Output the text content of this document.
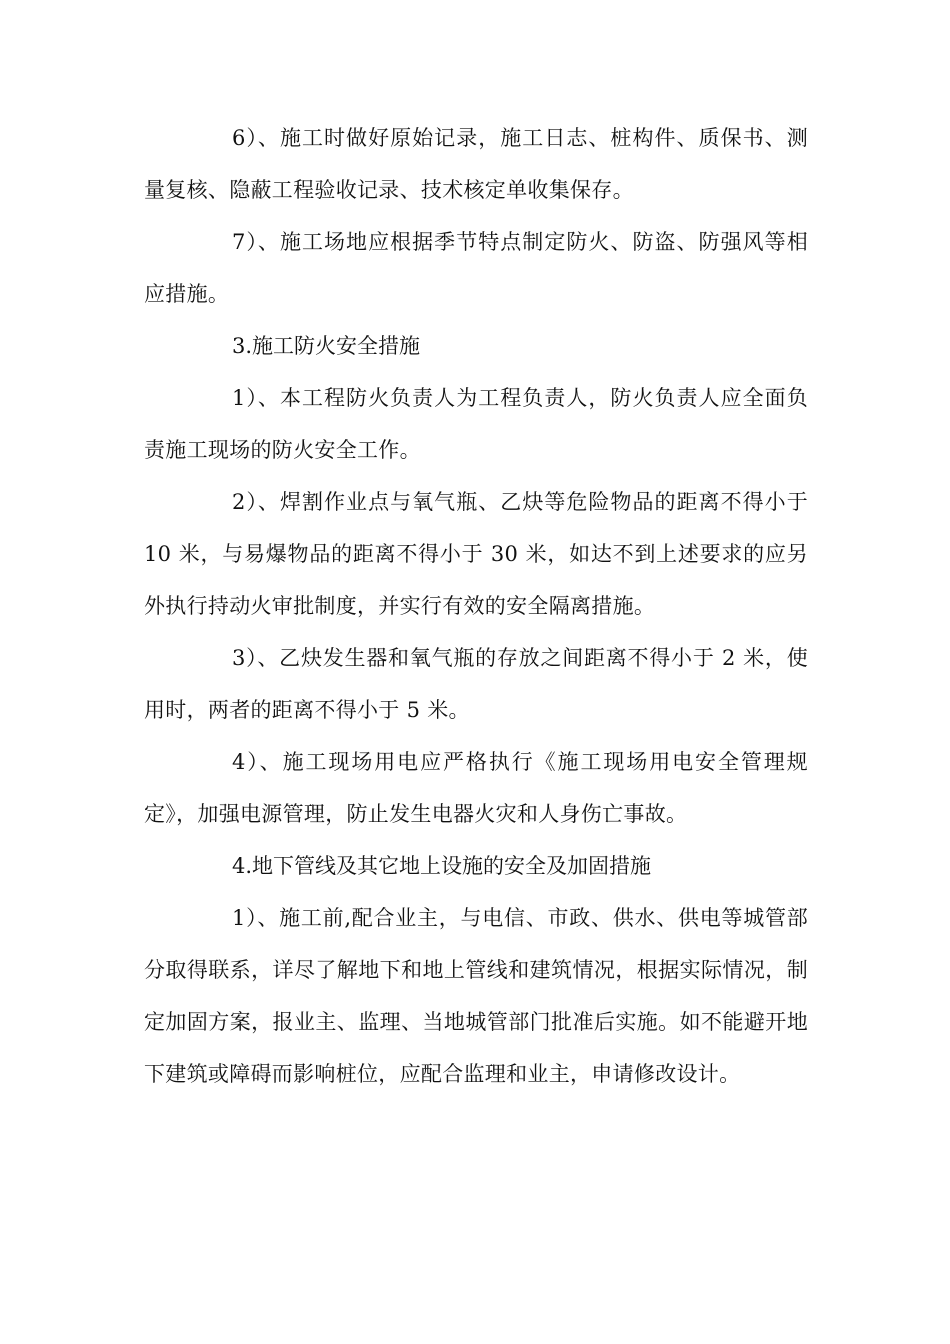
6）、施工时做好原始记录，施工日志、桩构件、质保书、测量复核、隐蔽工程验收记录、技术核定单收集保存。

7）、施工场地应根据季节特点制定防火、防盗、防强风等相应措施。

3.施工防火安全措施

1）、本工程防火负责人为工程负责人，防火负责人应全面负责施工现场的防火安全工作。

2）、焊割作业点与氧气瓶、乙炔等危险物品的距离不得小于 10 米，与易爆物品的距离不得小于 30 米，如达不到上述要求的应另外执行持动火审批制度，并实行有效的安全隔离措施。

3）、乙炔发生器和氧气瓶的存放之间距离不得小于 2 米，使用时，两者的距离不得小于 5 米。

4）、施工现场用电应严格执行《施工现场用电安全管理规定》，加强电源管理，防止发生电器火灾和人身伤亡事故。

4.地下管线及其它地上设施的安全及加固措施

1）、施工前,配合业主，与电信、市政、供水、供电等城管部分取得联系，详尽了解地下和地上管线和建筑情况，根据实际情况，制定加固方案，报业主、监理、当地城管部门批准后实施。如不能避开地下建筑或障碍而影响桩位，应配合监理和业主，申请修改设计。
